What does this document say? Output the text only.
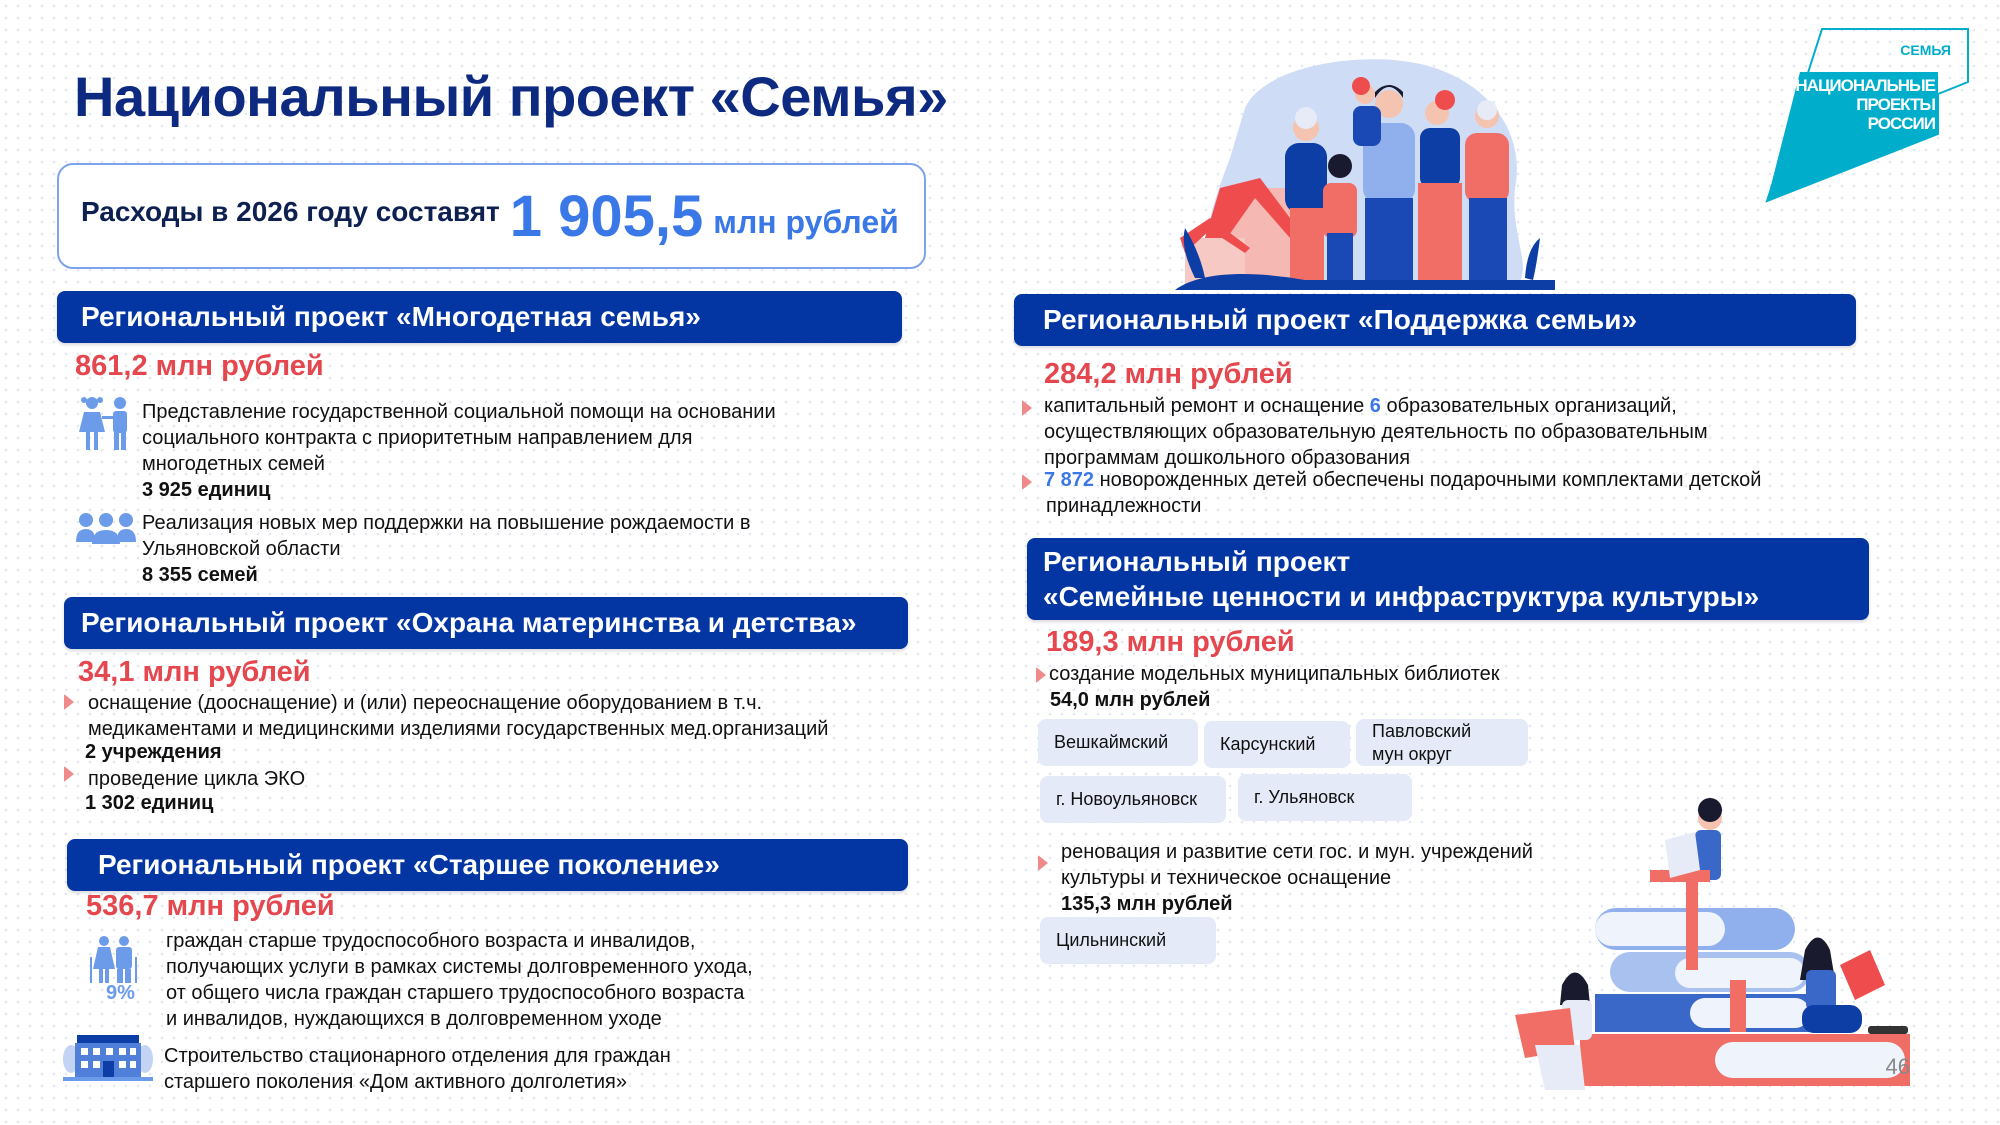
Национальный проект «Семья»
СЕМЬЯ
НАЦИОНАЛЬНЫЕ
ПРОЕКТЫ
РОССИИ
Расходы в 2026 году составят 1 905,5 млн рублей
Региональный проект «Многодетная семья»
861,2 млн рублей
Представление государственной социальной помощи на основании
социального контракта с приоритетным направлением для
многодетных семей
3 925 единиц
Реализация новых мер поддержки на повышение рождаемости в
Ульяновской области
8 355 семей
Региональный проект «Охрана материнства и детства»
34,1 млн рублей
оснащение (дооснащение) и (или) переоснащение оборудованием в т.ч.
медикаментами и медицинскими изделиями государственных мед.организаций
2 учреждения
проведение цикла ЭКО
1 302 единиц
Региональный проект «Старшее поколение»
536,7 млн рублей
9%
граждан старше трудоспособного возраста и инвалидов,
получающих услуги в рамках системы долговременного ухода,
от общего числа граждан старшего трудоспособного возраста
и инвалидов, нуждающихся в долговременном уходе
Строительство стационарного отделения для граждан
старшего поколения «Дом активного долголетия»
Региональный проект «Поддержка семьи»
284,2 млн рублей
капитальный ремонт и оснащение 6 образовательных организаций,
осуществляющих образовательную деятельность по образовательным
программам дошкольного образования
7 872 новорожденных детей обеспечены подарочными комплектами детской
принадлежности
Региональный проект
«Семейные ценности и инфраструктура культуры»
189,3 млн рублей
создание модельных муниципальных библиотек
54,0 млн рублей
Вешкаймский	Карсунский
Павловский
мун округ
г. Новоульяновск	г. Ульяновск
реновация и развитие сети гос. и мун. учреждений
культуры и техническое оснащение
135,3 млн рублей
Цильнинский
46
